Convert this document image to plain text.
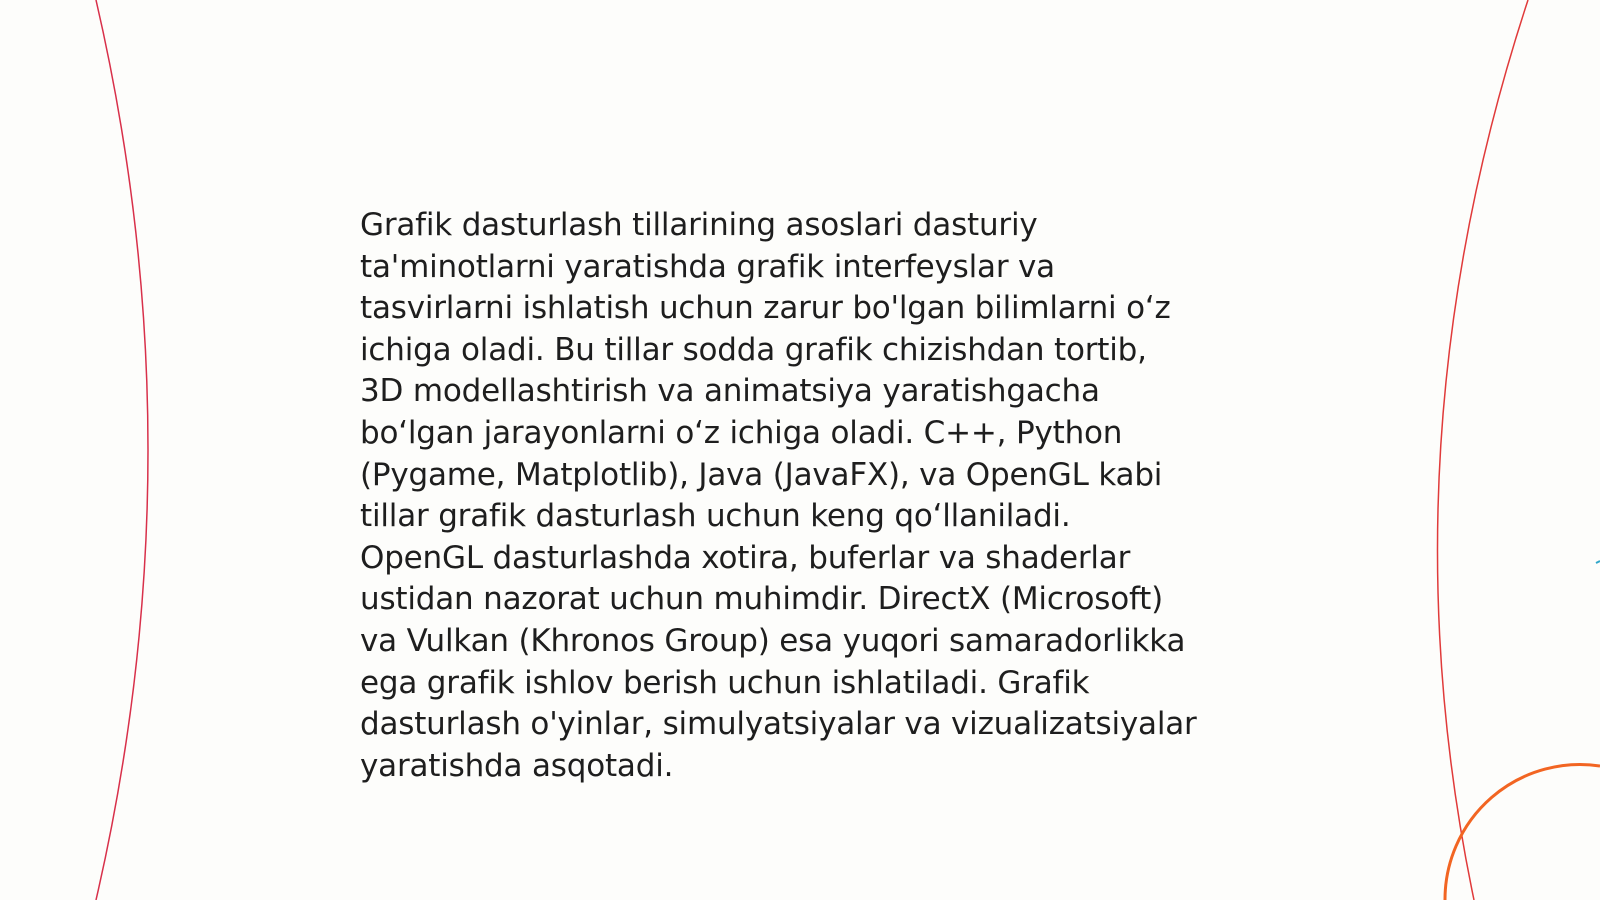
Grafik dasturlash tillarining asoslari dasturiy
ta'minotlarni yaratishda grafik interfeyslar va
tasvirlarni ishlatish uchun zarur bo'lgan bilimlarni o‘z
ichiga oladi. Bu tillar sodda grafik chizishdan tortib,
3D modellashtirish va animatsiya yaratishgacha
bo‘lgan jarayonlarni o‘z ichiga oladi. C++, Python
(Pygame, Matplotlib), Java (JavaFX), va OpenGL kabi
tillar grafik dasturlash uchun keng qo‘llaniladi.
OpenGL dasturlashda xotira, buferlar va shaderlar
ustidan nazorat uchun muhimdir. DirectX (Microsoft)
va Vulkan (Khronos Group) esa yuqori samaradorlikka
ega grafik ishlov berish uchun ishlatiladi. Grafik
dasturlash o'yinlar, simulyatsiyalar va vizualizatsiyalar
yaratishda asqotadi.
